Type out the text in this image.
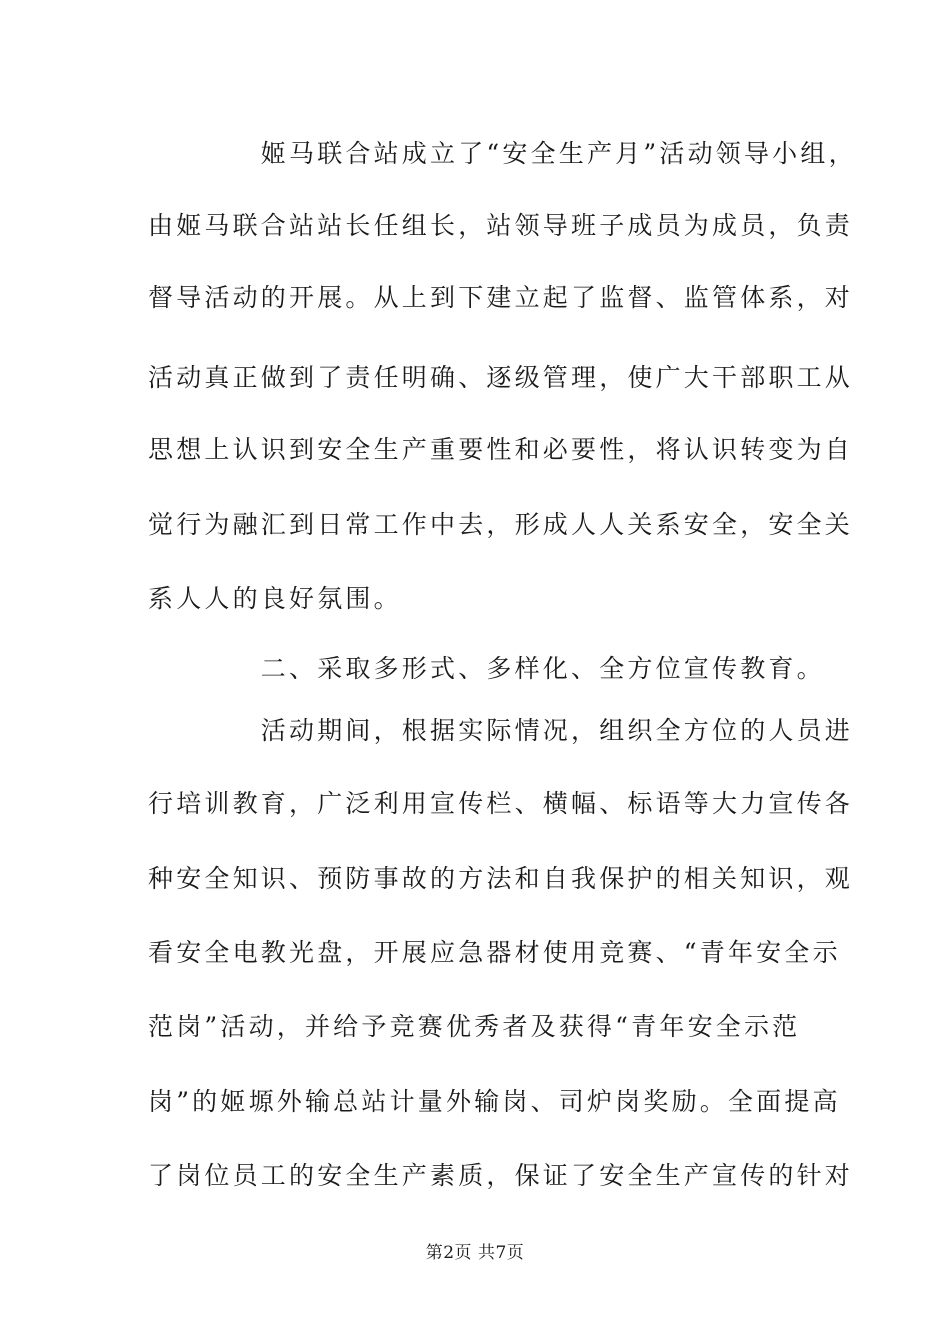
　　　　姬马联合站成立了“安全生产月”活动领导小组，
由姬马联合站站长任组长，站领导班子成员为成员，负责
督导活动的开展。从上到下建立起了监督、监管体系，对
活动真正做到了责任明确、逐级管理，使广大干部职工从
思想上认识到安全生产重要性和必要性，将认识转变为自
觉行为融汇到日常工作中去，形成人人关系安全，安全关
系人人的良好氛围。
　　　　二、采取多形式、多样化、全方位宣传教育。
　　　　活动期间，根据实际情况，组织全方位的人员进
行培训教育，广泛利用宣传栏、横幅、标语等大力宣传各
种安全知识、预防事故的方法和自我保护的相关知识，观
看安全电教光盘，开展应急器材使用竞赛、“青年安全示
范岗”活动，并给予竞赛优秀者及获得“青年安全示范
岗”的姬塬外输总站计量外输岗、司炉岗奖励。全面提高
了岗位员工的安全生产素质，保证了安全生产宣传的针对
第2页 共7页
